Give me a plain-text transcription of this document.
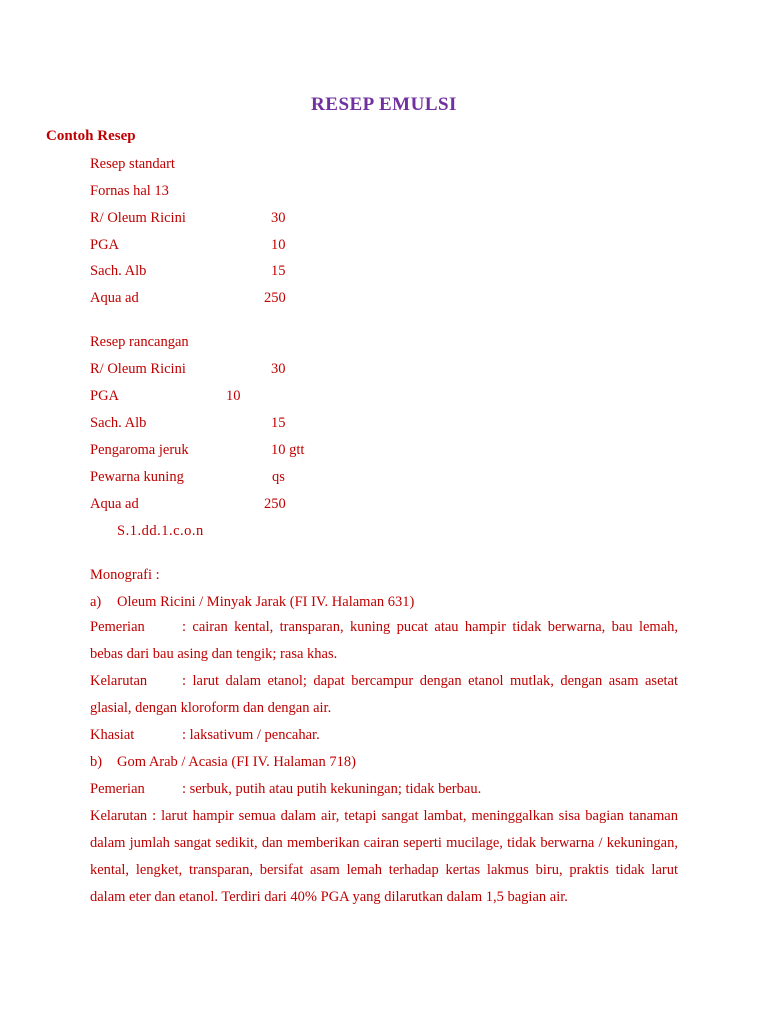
RESEP EMULSI
Contoh Resep
Resep standart
Fornas hal 13
R/ Oleum Ricini	30
PGA	10
Sach. Alb	15
Aqua ad	250
Resep rancangan
R/ Oleum Ricini	30
PGA	10
Sach. Alb	15
Pengaroma jeruk	10 gtt
Pewarna kuning	qs
Aqua ad	250
S.1.dd.1.c.o.n
Monografi :
a) Oleum Ricini / Minyak Jarak (FI IV. Halaman 631)
Pemerian	: cairan kental, transparan, kuning pucat atau hampir tidak berwarna, bau lemah, bebas dari bau asing dan tengik; rasa khas.
Kelarutan : larut dalam etanol; dapat bercampur dengan etanol mutlak, dengan asam asetat glasial, dengan kloroform dan dengan air.
Khasiat	: laksativum / pencahar.
b) Gom Arab / Acasia (FI IV. Halaman 718)
Pemerian	: serbuk, putih atau putih kekuningan; tidak berbau.
Kelarutan : larut hampir semua dalam air, tetapi sangat lambat, meninggalkan sisa bagian tanaman dalam jumlah sangat sedikit, dan memberikan cairan seperti mucilage, tidak berwarna / kekuningan, kental, lengket, transparan, bersifat asam lemah terhadap kertas lakmus biru, praktis tidak larut dalam eter dan etanol. Terdiri dari 40% PGA yang dilarutkan dalam 1,5 bagian air.
